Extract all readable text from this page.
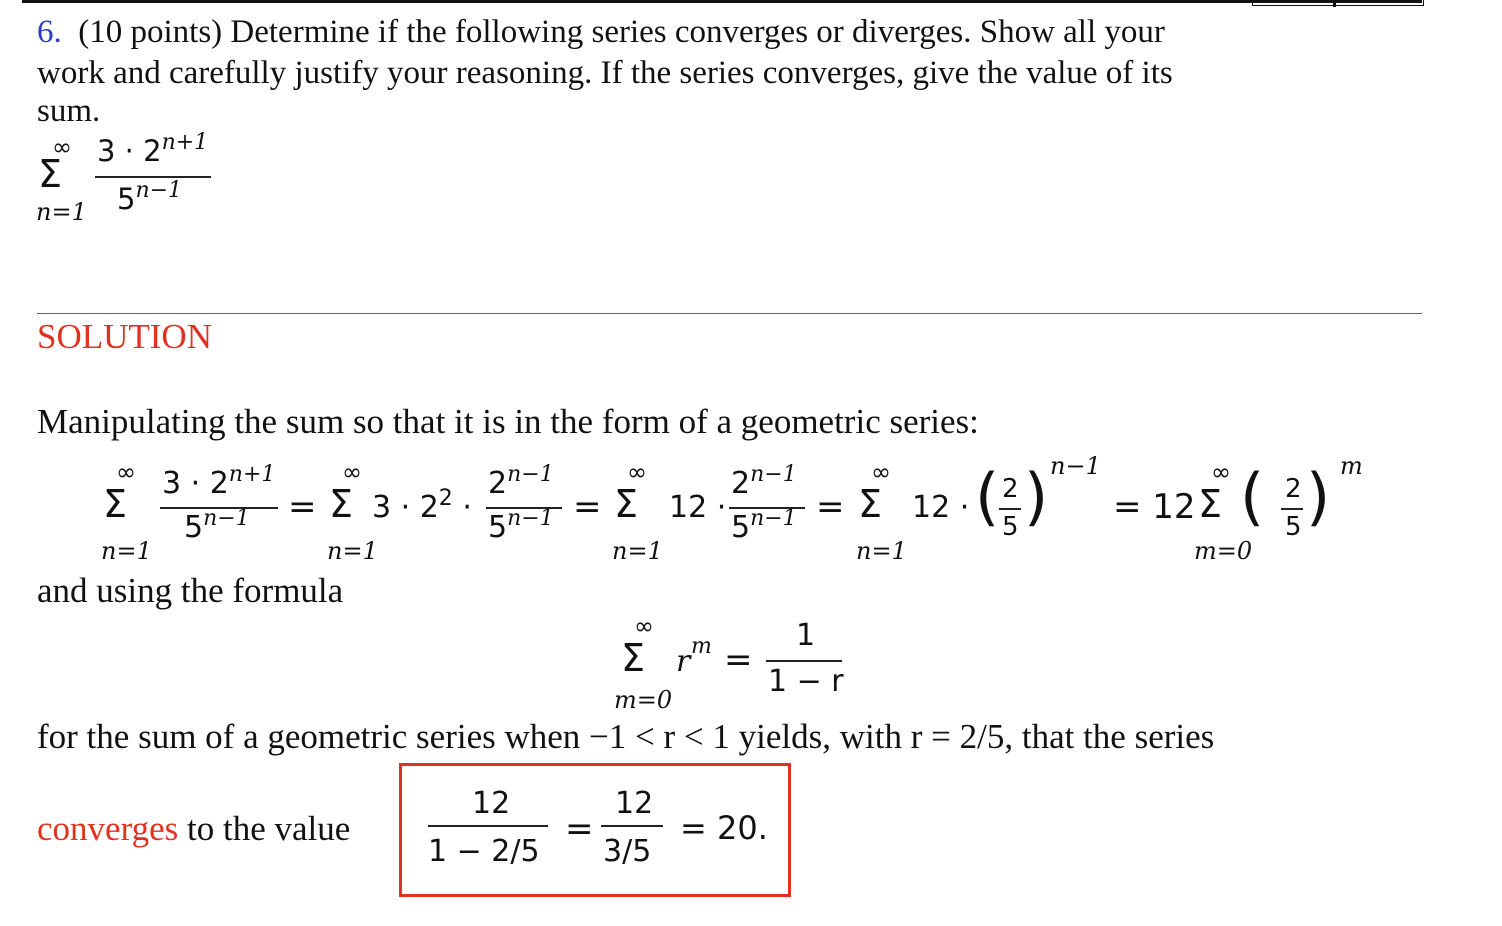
6. (10 points) Determine if the following series converges or diverges. Show all your
work and carefully justify your reasoning. If the series converges, give the value of its
sum.
∞
Σ
n=1
$3 \cdot 2^{n+1}$
$5^{n-1}$
SOLUTION
Manipulating the sum so that it is in the form of a geometric series:
∞
Σ
n=1
$3 \cdot 2^{n+1}$
$5^{n-1}$ =
∞
Σ
n=1
$3 \cdot 2^2$ ·
$2^{n-1}$
$5^{n-1}$ =
∞
Σ
n=1
12 ·
$2^{n-1}$
$5^{n-1}$ =
∞
Σ
n=1
12 · ( 2
5 ) n−1
= 12
∞
Σ
m=0
( 2
5 ) m
and using the formula
∞
Σ
m=0
r m =
1
1 − r
for the sum of a geometric series when −1 < r < 1 yields, with r = 2/5, that the series
converges to the value
12
1 − 2/5
=
12
3/5
= 20.
